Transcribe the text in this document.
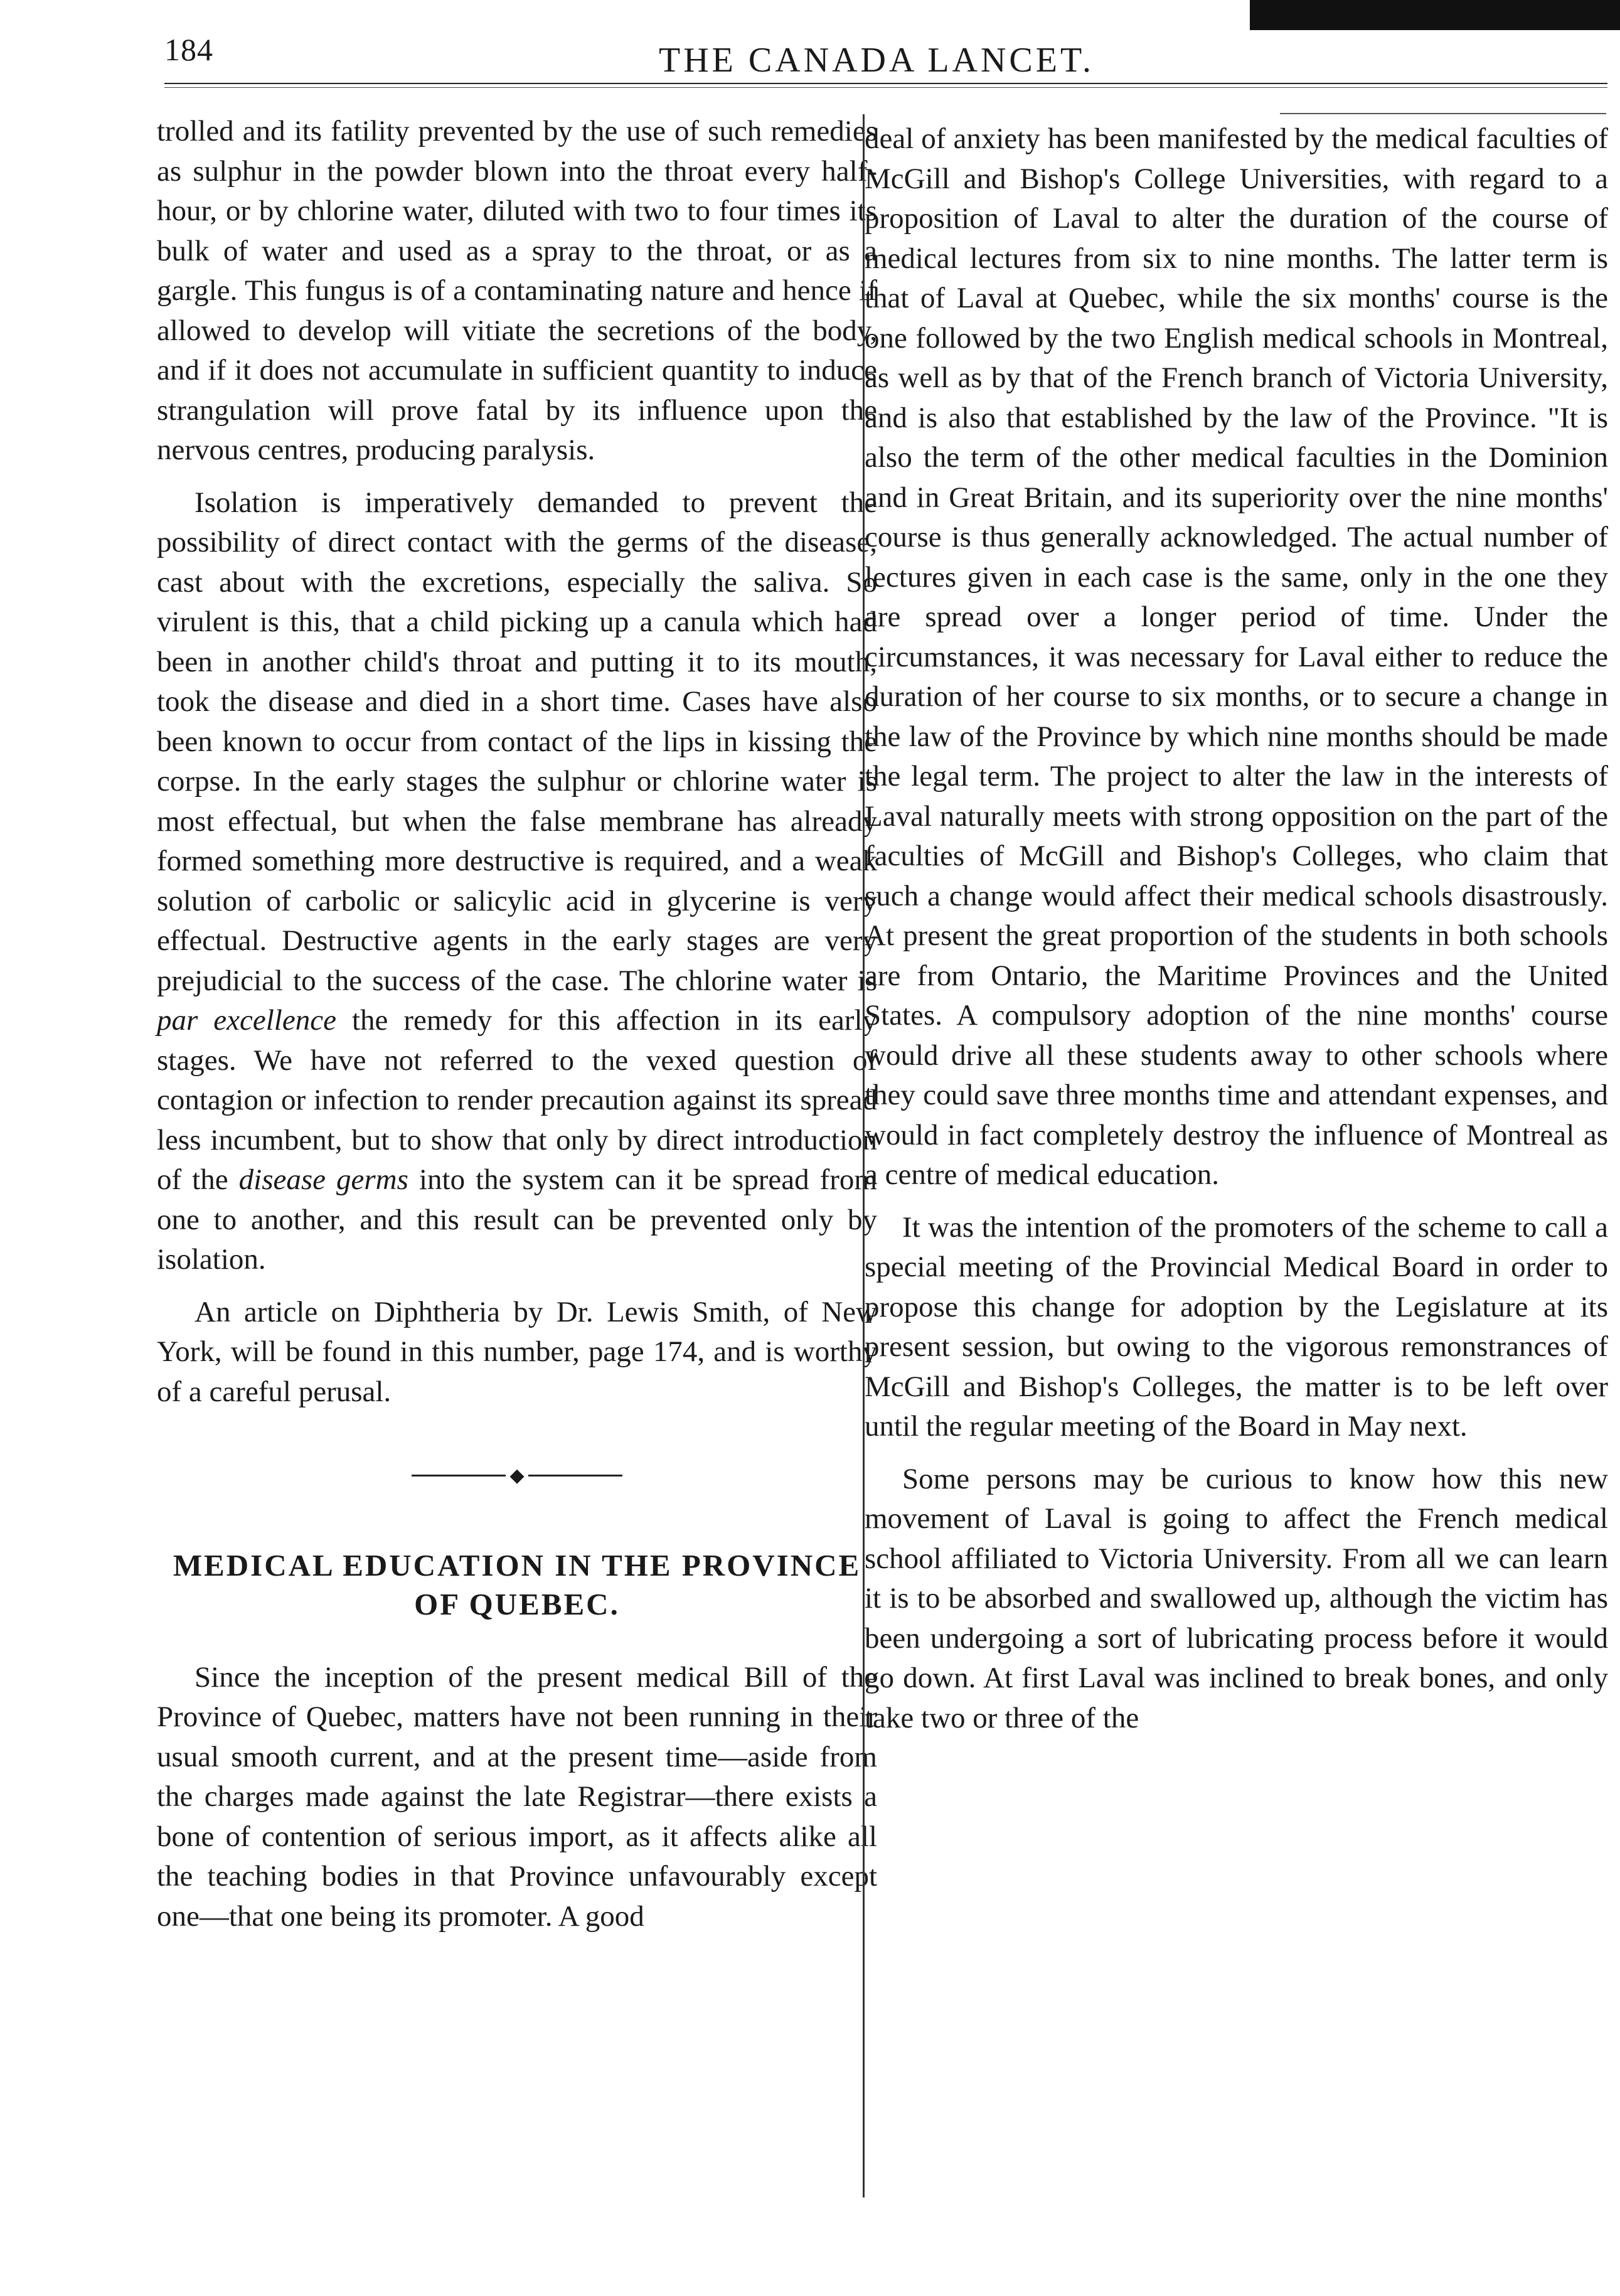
184	THE CANADA LANCET.

trolled and its fatility prevented by the use of such remedies as sulphur in the powder blown into the throat every half-hour, or by chlorine water, diluted with two to four times its bulk of water and used as a spray to the throat, or as a gargle. This fungus is of a contaminating nature and hence if allowed to develop will vitiate the secretions of the body, and if it does not accumulate in sufficient quantity to induce strangulation will prove fatal by its influence upon the nervous centres, producing paralysis.

Isolation is imperatively demanded to prevent the possibility of direct contact with the germs of the disease, cast about with the excretions, especially the saliva. So virulent is this, that a child picking up a canula which had been in another child's throat and putting it to its mouth, took the disease and died in a short time. Cases have also been known to occur from contact of the lips in kissing the corpse. In the early stages the sulphur or chlorine water is most effectual, but when the false membrane has already formed something more destructive is required, and a weak solution of carbolic or salicylic acid in glycerine is very effectual. Destructive agents in the early stages are very prejudicial to the success of the case. The chlorine water is par excellence the remedy for this affection in its early stages. We have not referred to the vexed question of contagion or infection to render precaution against its spread less incumbent, but to show that only by direct introduction of the disease germs into the system can it be spread from one to another, and this result can be prevented only by isolation.

An article on Diphtheria by Dr. Lewis Smith, of New York, will be found in this number, page 174, and is worthy of a careful perusal.

◆
MEDICAL EDUCATION IN THE PROVINCE OF QUEBEC.

Since the inception of the present medical Bill of the Province of Quebec, matters have not been running in their usual smooth current, and at the present time—aside from the charges made against the late Registrar—there exists a bone of contention of serious import, as it affects alike all the teaching bodies in that Province unfavourably except one—that one being its promoter. A good

deal of anxiety has been manifested by the medical faculties of McGill and Bishop's College Universities, with regard to a proposition of Laval to alter the duration of the course of medical lectures from six to nine months. The latter term is that of Laval at Quebec, while the six months' course is the one followed by the two English medical schools in Montreal, as well as by that of the French branch of Victoria University, and is also that established by the law of the Province. "It is also the term of the other medical faculties in the Dominion and in Great Britain, and its superiority over the nine months' course is thus generally acknowledged. The actual number of lectures given in each case is the same, only in the one they are spread over a longer period of time. Under the circumstances, it was necessary for Laval either to reduce the duration of her course to six months, or to secure a change in the law of the Province by which nine months should be made the legal term. The project to alter the law in the interests of Laval naturally meets with strong opposition on the part of the faculties of McGill and Bishop's Colleges, who claim that such a change would affect their medical schools disastrously. At present the great proportion of the students in both schools are from Ontario, the Maritime Provinces and the United States. A compulsory adoption of the nine months' course would drive all these students away to other schools where they could save three months time and attendant expenses, and would in fact completely destroy the influence of Montreal as a centre of medical education.

It was the intention of the promoters of the scheme to call a special meeting of the Provincial Medical Board in order to propose this change for adoption by the Legislature at its present session, but owing to the vigorous remonstrances of McGill and Bishop's Colleges, the matter is to be left over until the regular meeting of the Board in May next.

Some persons may be curious to know how this new movement of Laval is going to affect the French medical school affiliated to Victoria University. From all we can learn it is to be absorbed and swallowed up, although the victim has been undergoing a sort of lubricating process before it would go down. At first Laval was inclined to break bones, and only take two or three of the
